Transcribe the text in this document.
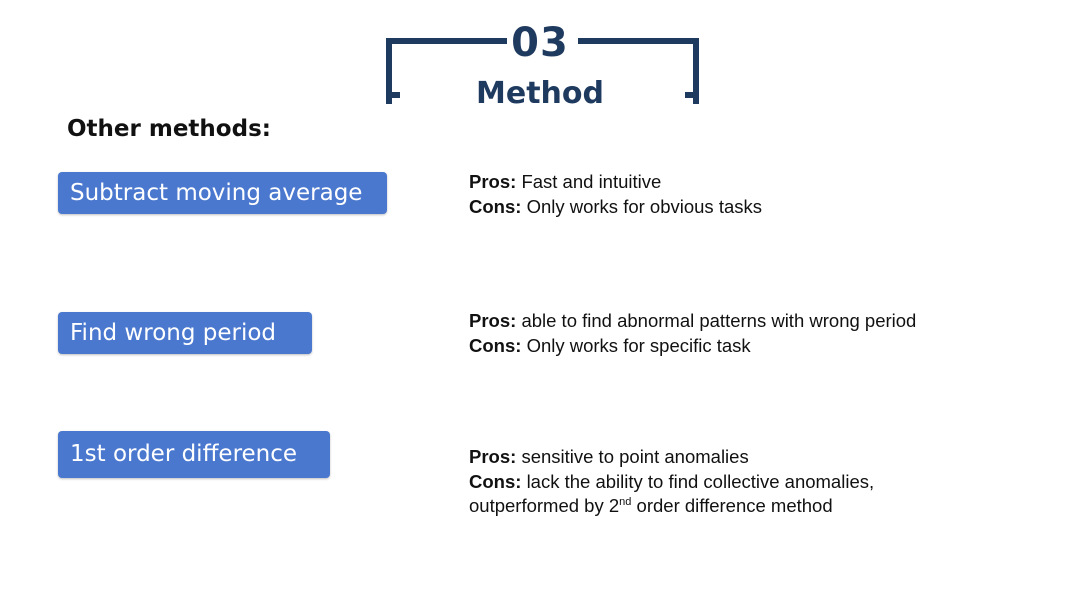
03
Method
Other methods:
Subtract moving average
Find wrong period
1st order difference
Pros: Fast and intuitive
Cons: Only works for obvious tasks
Pros: able to find abnormal patterns with wrong period
Cons: Only works for specific task
Pros: sensitive to point anomalies
Cons: lack the ability to find collective anomalies,
outperformed by 2nd order difference method
